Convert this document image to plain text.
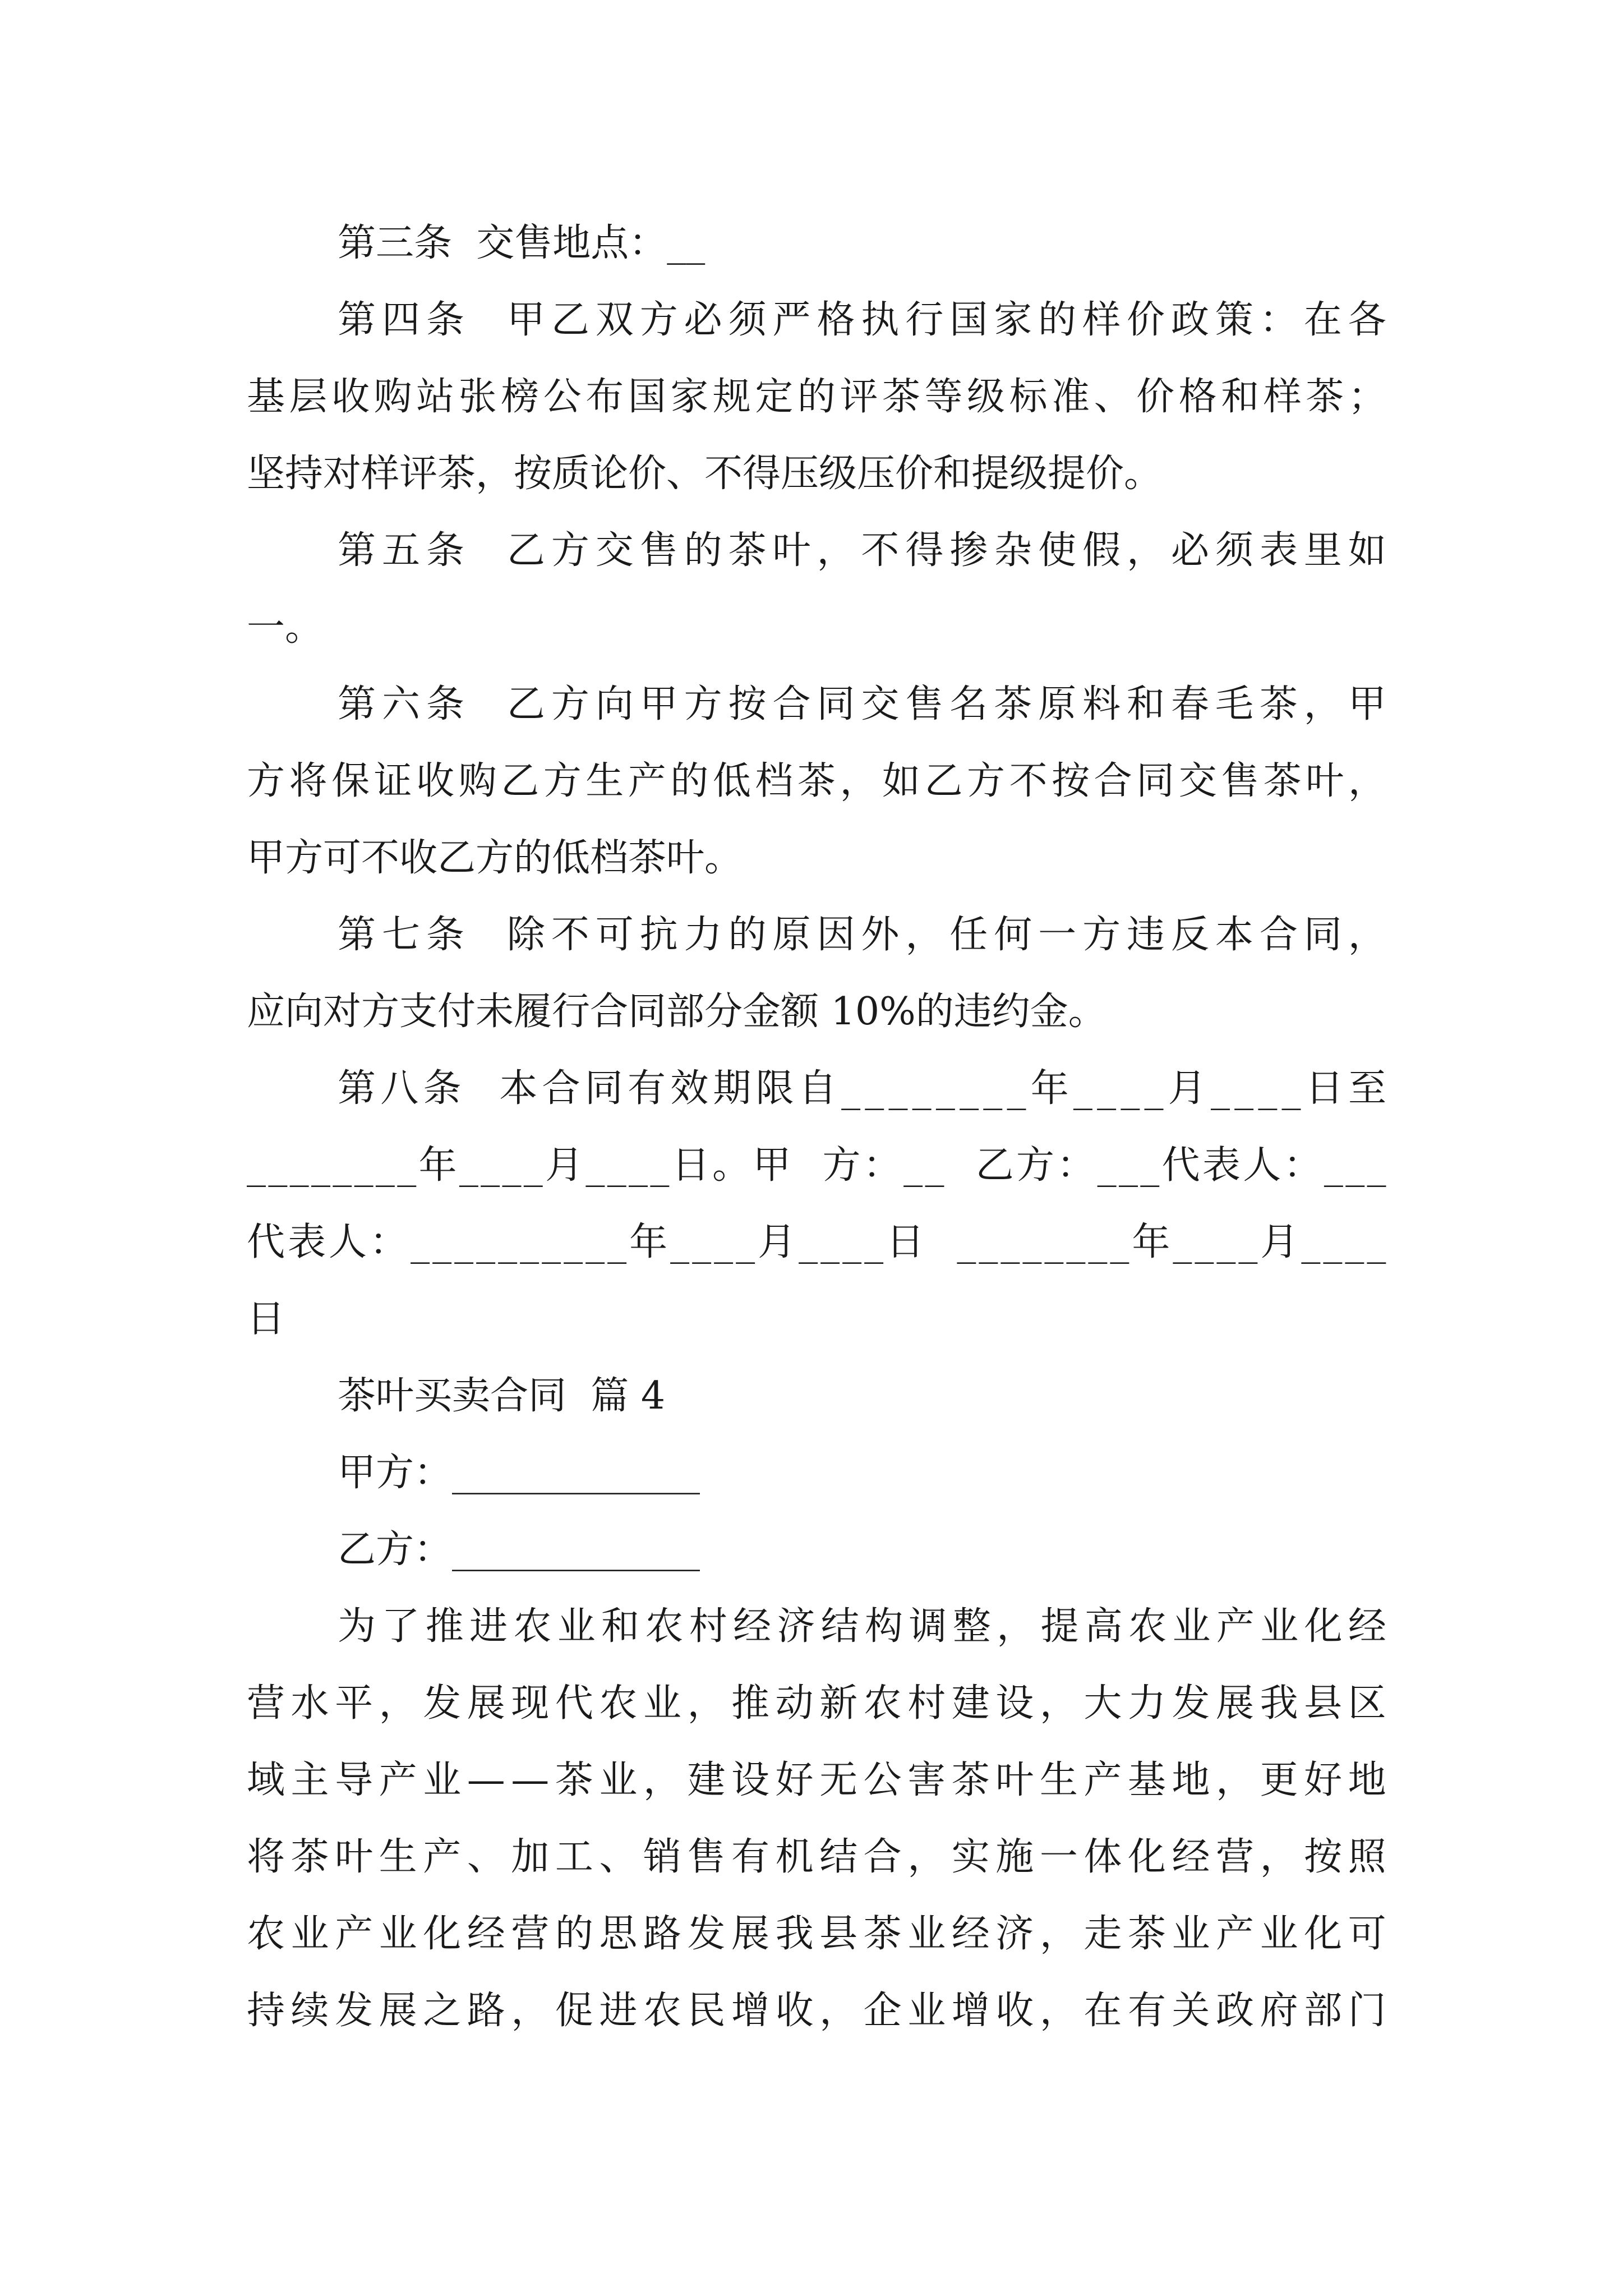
第三条  交售地点：__
第 四 条

甲 乙 双 方 必 须 严 格 执 行 国 家 的 样 价 政 策 ： 在 各
基 层 收 购 站 张 榜 公 布 国 家 规 定 的 评 茶 等 级 标 准 、 价 格 和 样 茶 ；
坚持对样评茶，按质论价、不得压级压价和提级提价。
第 五 条

乙 方 交 售 的 茶 叶 ， 不 得 掺 杂 使 假 ， 必 须 表 里 如
一。
第 六 条

乙 方 向 甲 方 按 合 同 交 售 名 茶 原 料 和 春 毛 茶 ， 甲
方 将 保 证 收 购 乙 方 生 产 的 低 档 茶 ， 如 乙 方 不 按 合 同 交 售 茶 叶 ，
甲方可不收乙方的低档茶叶。
第 七 条

除 不 可 抗 力 的 原 因 外 ， 任 何 一 方 违 反 本 合 同 ，
应向对方支付未履行合同部分金额 10%的违约金。
第 八 条

本 合 同 有 效 期 限 自 _ _ _ _ _ _ _ _ 年 _ _ _ _ 月 _ _ _ _ 日 至
_ _ _ _ _ _ _ _ 年 _ _ _ _ 月 _ _ _ _ 日 。 甲

方 ： _ _

乙 方 ： _ _ _ 代 表 人 ： _ _ _
代 表 人 ： _ _ _ _ _ _ _ _ _ _ 年 _ _ _ _ 月 _ _ _ _ 日

_ _ _ _ _ _ _ _ 年 _ _ _ _ 月 _ _ _ _
日
茶叶买卖合同  篇 4
甲方：_____________
乙方：_____________
为 了 推 进 农 业 和 农 村 经 济 结 构 调 整 ， 提 高 农 业 产 业 化 经
营 水 平 ， 发 展 现 代 农 业 ， 推 动 新 农 村 建 设 ， 大 力 发 展 我 县 区
域 主 导 产 业 — — 茶 业 ， 建 设 好 无 公 害 茶 叶 生 产 基 地 ， 更 好 地
将 茶 叶 生 产 、 加 工 、 销 售 有 机 结 合 ， 实 施 一 体 化 经 营 ， 按 照
农 业 产 业 化 经 营 的 思 路 发 展 我 县 茶 业 经 济 ， 走 茶 业 产 业 化 可
持 续 发 展 之 路 ， 促 进 农 民 增 收 ， 企 业 增 收 ， 在 有 关 政 府 部 门
